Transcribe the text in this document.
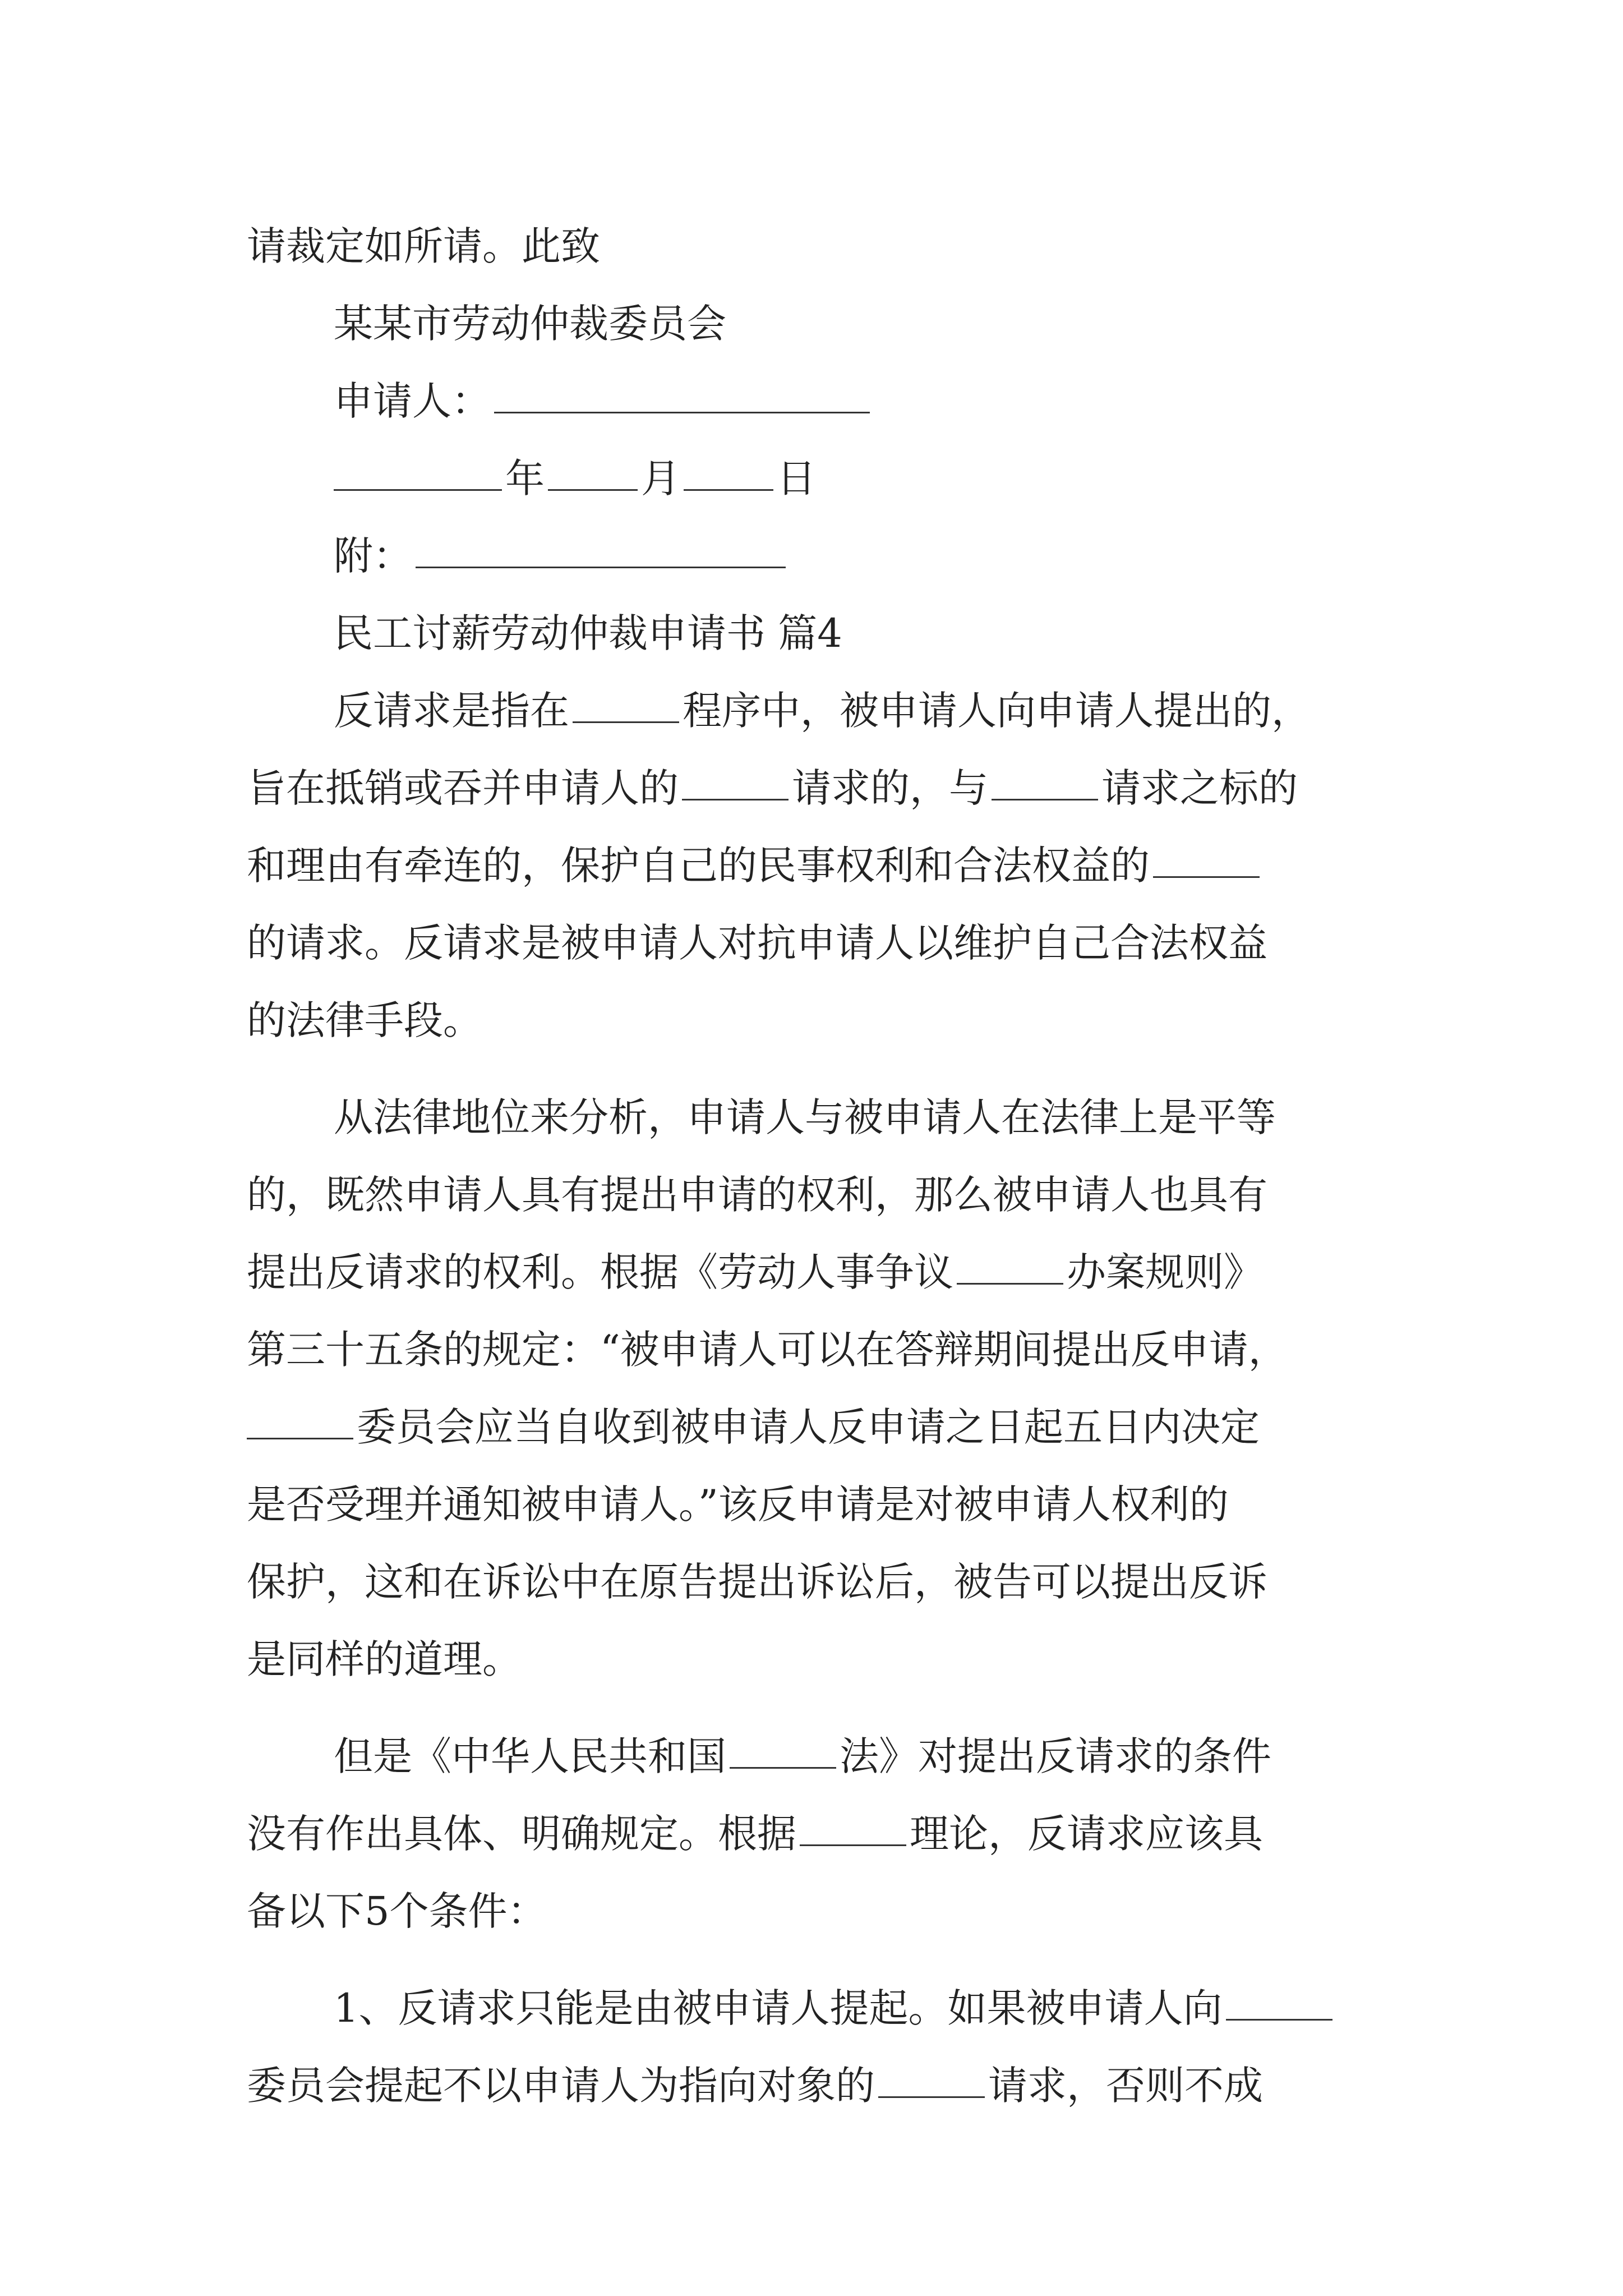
请裁定如所请。此致
某某市劳动仲裁委员会
申请人：
年 月 日
附：
民工讨薪劳动仲裁申请书 篇4
反请求是指在	程序中，被申请人向申请人提出的，
旨在抵销或吞并申请人的	请求的，与	请求之标的
和理由有牵连的，保护自己的民事权利和合法权益的
的请求。反请求是被申请人对抗申请人以维护自己合法权益
的法律手段。
从法律地位来分析，申请人与被申请人在法律上是平等
的，既然申请人具有提出申请的权利，那么被申请人也具有
提出反请求的权利。根据《劳动人事争议	办案规则》
第三十五条的规定：“被申请人可以在答辩期间提出反申请，
委员会应当自收到被申请人反申请之日起五日内决定
是否受理并通知被申请人。”该反申请是对被申请人权利的
保护，这和在诉讼中在原告提出诉讼后，被告可以提出反诉
是同样的道理。
但是《中华人民共和国	法》对提出反请求的条件
没有作出具体、明确规定。根据	理论，反请求应该具
备以下5个条件：
1、反请求只能是由被申请人提起。如果被申请人向
委员会提起不以申请人为指向对象的	请求，否则不成
